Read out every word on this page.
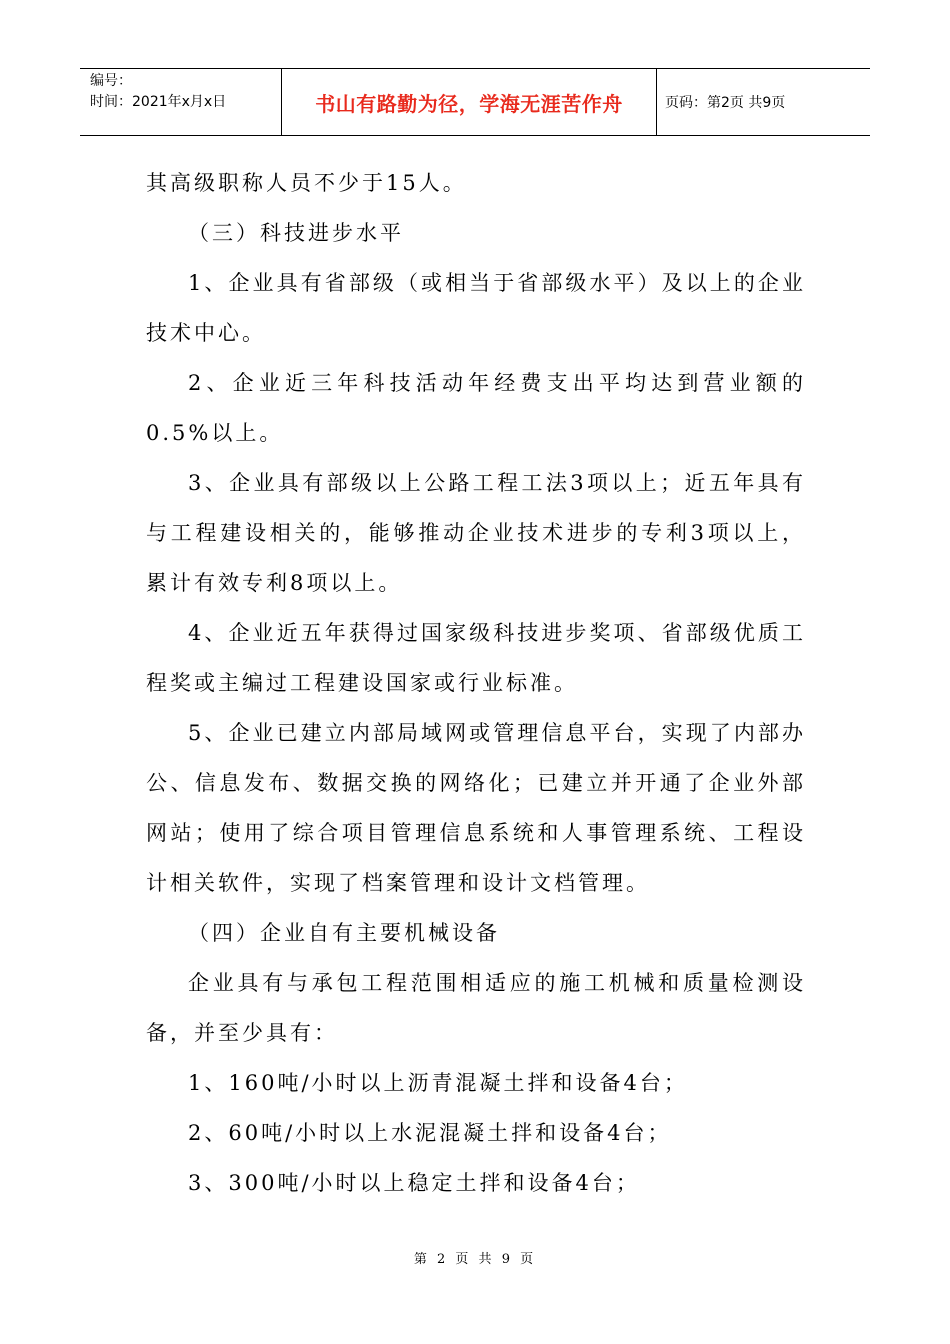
编号：
时间：2021年x月x日	书山有路勤为径，学海无涯苦作舟	页码：第2页 共9页

其高级职称人员不少于15人。

（三）科技进步水平

1、企业具有省部级（或相当于省部级水平）及以上的企业技术中心。

2、企业近三年科技活动年经费支出平均达到营业额的0.5%以上。

3、企业具有部级以上公路工程工法3项以上；近五年具有与工程建设相关的，能够推动企业技术进步的专利3项以上，累计有效专利8项以上。

4、企业近五年获得过国家级科技进步奖项、省部级优质工程奖或主编过工程建设国家或行业标准。

5、企业已建立内部局域网或管理信息平台，实现了内部办公、信息发布、数据交换的网络化；已建立并开通了企业外部网站；使用了综合项目管理信息系统和人事管理系统、工程设计相关软件，实现了档案管理和设计文档管理。

（四）企业自有主要机械设备

企业具有与承包工程范围相适应的施工机械和质量检测设备，并至少具有：

1、160吨/小时以上沥青混凝土拌和设备4台；

2、60吨/小时以上水泥混凝土拌和设备4台；

3、300吨/小时以上稳定土拌和设备4台；

第 2 页 共 9 页
